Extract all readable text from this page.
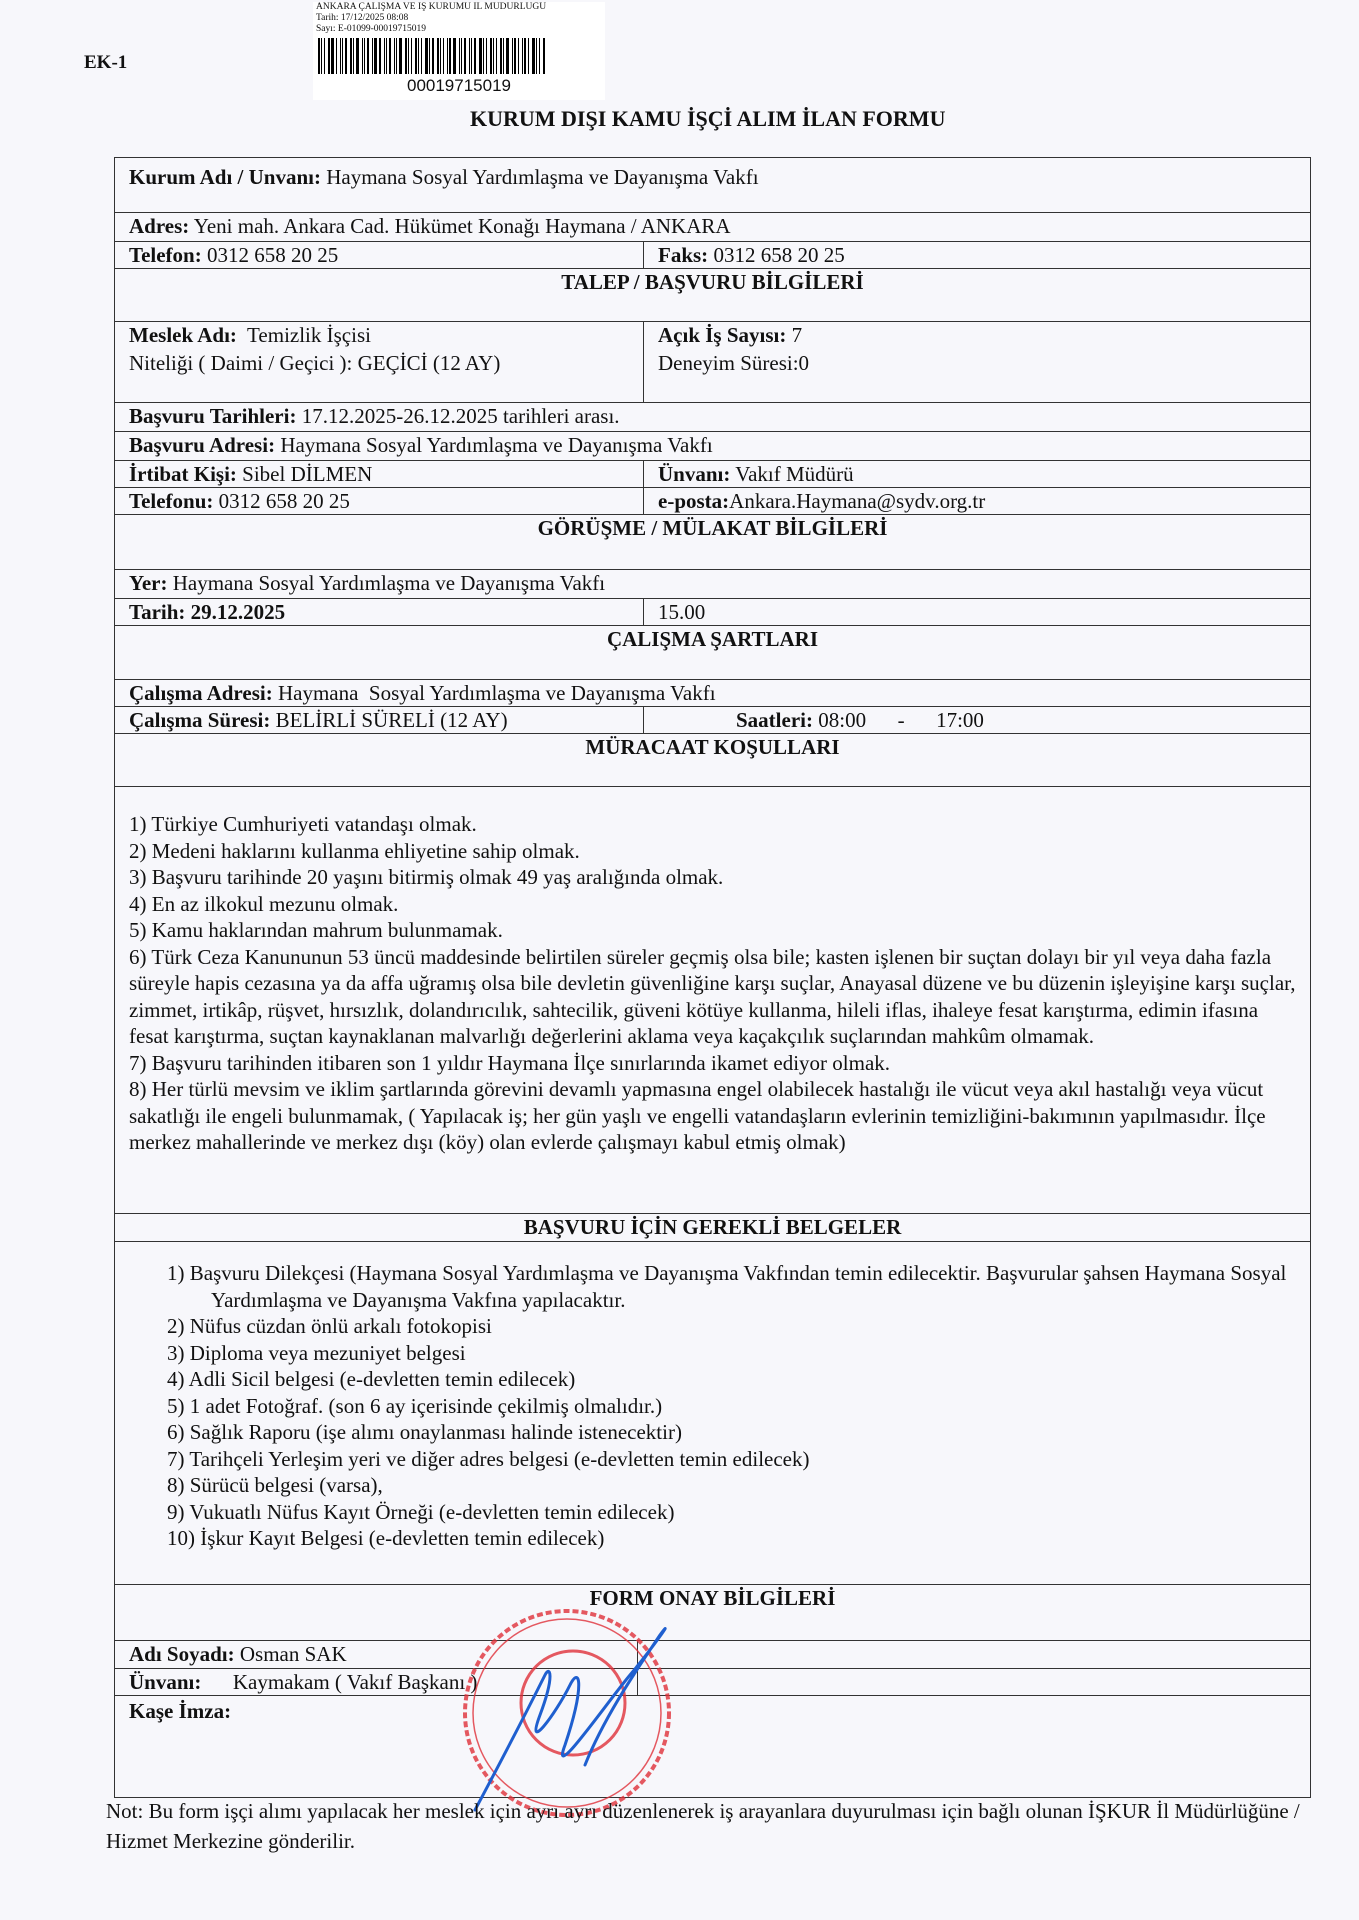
EK-1
KURUM DIŞI KAMU İŞÇİ ALIM İLAN FORMU
ANKARA ÇALIŞMA VE İŞ KURUMU İL MÜDÜRLÜĞÜ
Tarih: 17/12/2025 08:08
Sayı: E-01099-00019715019
00019715019
Kurum Adı / Unvanı: Haymana Sosyal Yardımlaşma ve Dayanışma Vakfı
Adres: Yeni mah. Ankara Cad. Hükümet Konağı Haymana / ANKARA
Telefon: 0312 658 20 25	Faks: 0312 658 20 25
TALEP / BAŞVURU BİLGİLERİ
Meslek Adı: Temizlik İşçisi	Açık İş Sayısı: 7
Niteliği ( Daimi / Geçici ): GEÇİCİ (12 AY)	Deneyim Süresi:0
Başvuru Tarihleri: 17.12.2025-26.12.2025 tarihleri arası.
Başvuru Adresi: Haymana Sosyal Yardımlaşma ve Dayanışma Vakfı
İrtibat Kişi: Sibel DİLMEN	Ünvanı: Vakıf Müdürü
Telefonu: 0312 658 20 25	e-posta:Ankara.Haymana@sydv.org.tr
GÖRÜŞME / MÜLAKAT BİLGİLERİ
Yer: Haymana Sosyal Yardımlaşma ve Dayanışma Vakfı
Tarih: 29.12.2025	15.00
ÇALIŞMA ŞARTLARI
Çalışma Adresi: Haymana  Sosyal Yardımlaşma ve Dayanışma Vakfı
Çalışma Süresi: BELİRLİ SÜRELİ (12 AY)	Saatleri: 08:00 - 17:00
MÜRACAAT KOŞULLARI
1) Türkiye Cumhuriyeti vatandaşı olmak.
2) Medeni haklarını kullanma ehliyetine sahip olmak.
3) Başvuru tarihinde 20 yaşını bitirmiş olmak 49 yaş aralığında olmak.
4) En az ilkokul mezunu olmak.
5) Kamu haklarından mahrum bulunmamak.
6) Türk Ceza Kanununun 53 üncü maddesinde belirtilen süreler geçmiş olsa bile; kasten işlenen bir suçtan dolayı bir yıl veya daha fazla süreyle hapis cezasına ya da affa uğramış olsa bile devletin güvenliğine karşı suçlar, Anayasal düzene ve bu düzenin işleyişine karşı suçlar, zimmet, irtikâp, rüşvet, hırsızlık, dolandırıcılık, sahtecilik, güveni kötüye kullanma, hileli iflas, ihaleye fesat karıştırma, edimin ifasına fesat karıştırma, suçtan kaynaklanan malvarlığı değerlerini aklama veya kaçakçılık suçlarından mahkûm olmamak.
7) Başvuru tarihinden itibaren son 1 yıldır Haymana İlçe sınırlarında ikamet ediyor olmak.
8) Her türlü mevsim ve iklim şartlarında görevini devamlı yapmasına engel olabilecek hastalığı ile vücut veya akıl hastalığı veya vücut sakatlığı ile engeli bulunmamak, ( Yapılacak iş; her gün yaşlı ve engelli vatandaşların evlerinin temizliğini-bakımının yapılmasıdır. İlçe merkez mahallerinde ve merkez dışı (köy) olan evlerde çalışmayı kabul etmiş olmak)
BAŞVURU İÇİN GEREKLİ BELGELER
1) Başvuru Dilekçesi (Haymana Sosyal Yardımlaşma ve Dayanışma Vakfından temin edilecektir. Başvurular şahsen Haymana Sosyal Yardımlaşma ve Dayanışma Vakfına yapılacaktır.
2) Nüfus cüzdan önlü arkalı fotokopisi
3) Diploma veya mezuniyet belgesi
4) Adli Sicil belgesi (e-devletten temin edilecek)
5) 1 adet Fotoğraf. (son 6 ay içerisinde çekilmiş olmalıdır.)
6) Sağlık Raporu (işe alımı onaylanması halinde istenecektir)
7) Tarihçeli Yerleşim yeri ve diğer adres belgesi (e-devletten temin edilecek)
8) Sürücü belgesi (varsa),
9) Vukuatlı Nüfus Kayıt Örneği (e-devletten temin edilecek)
10) İşkur Kayıt Belgesi (e-devletten temin edilecek)
FORM ONAY BİLGİLERİ
Adı Soyadı: Osman SAK
Ünvanı: Kaymakam ( Vakıf Başkanı )
Kaşe İmza:
Not: Bu form işçi alımı yapılacak her meslek için ayrı ayrı düzenlenerek iş arayanlara duyurulması için bağlı olunan İŞKUR İl Müdürlüğüne / Hizmet Merkezine gönderilir.
